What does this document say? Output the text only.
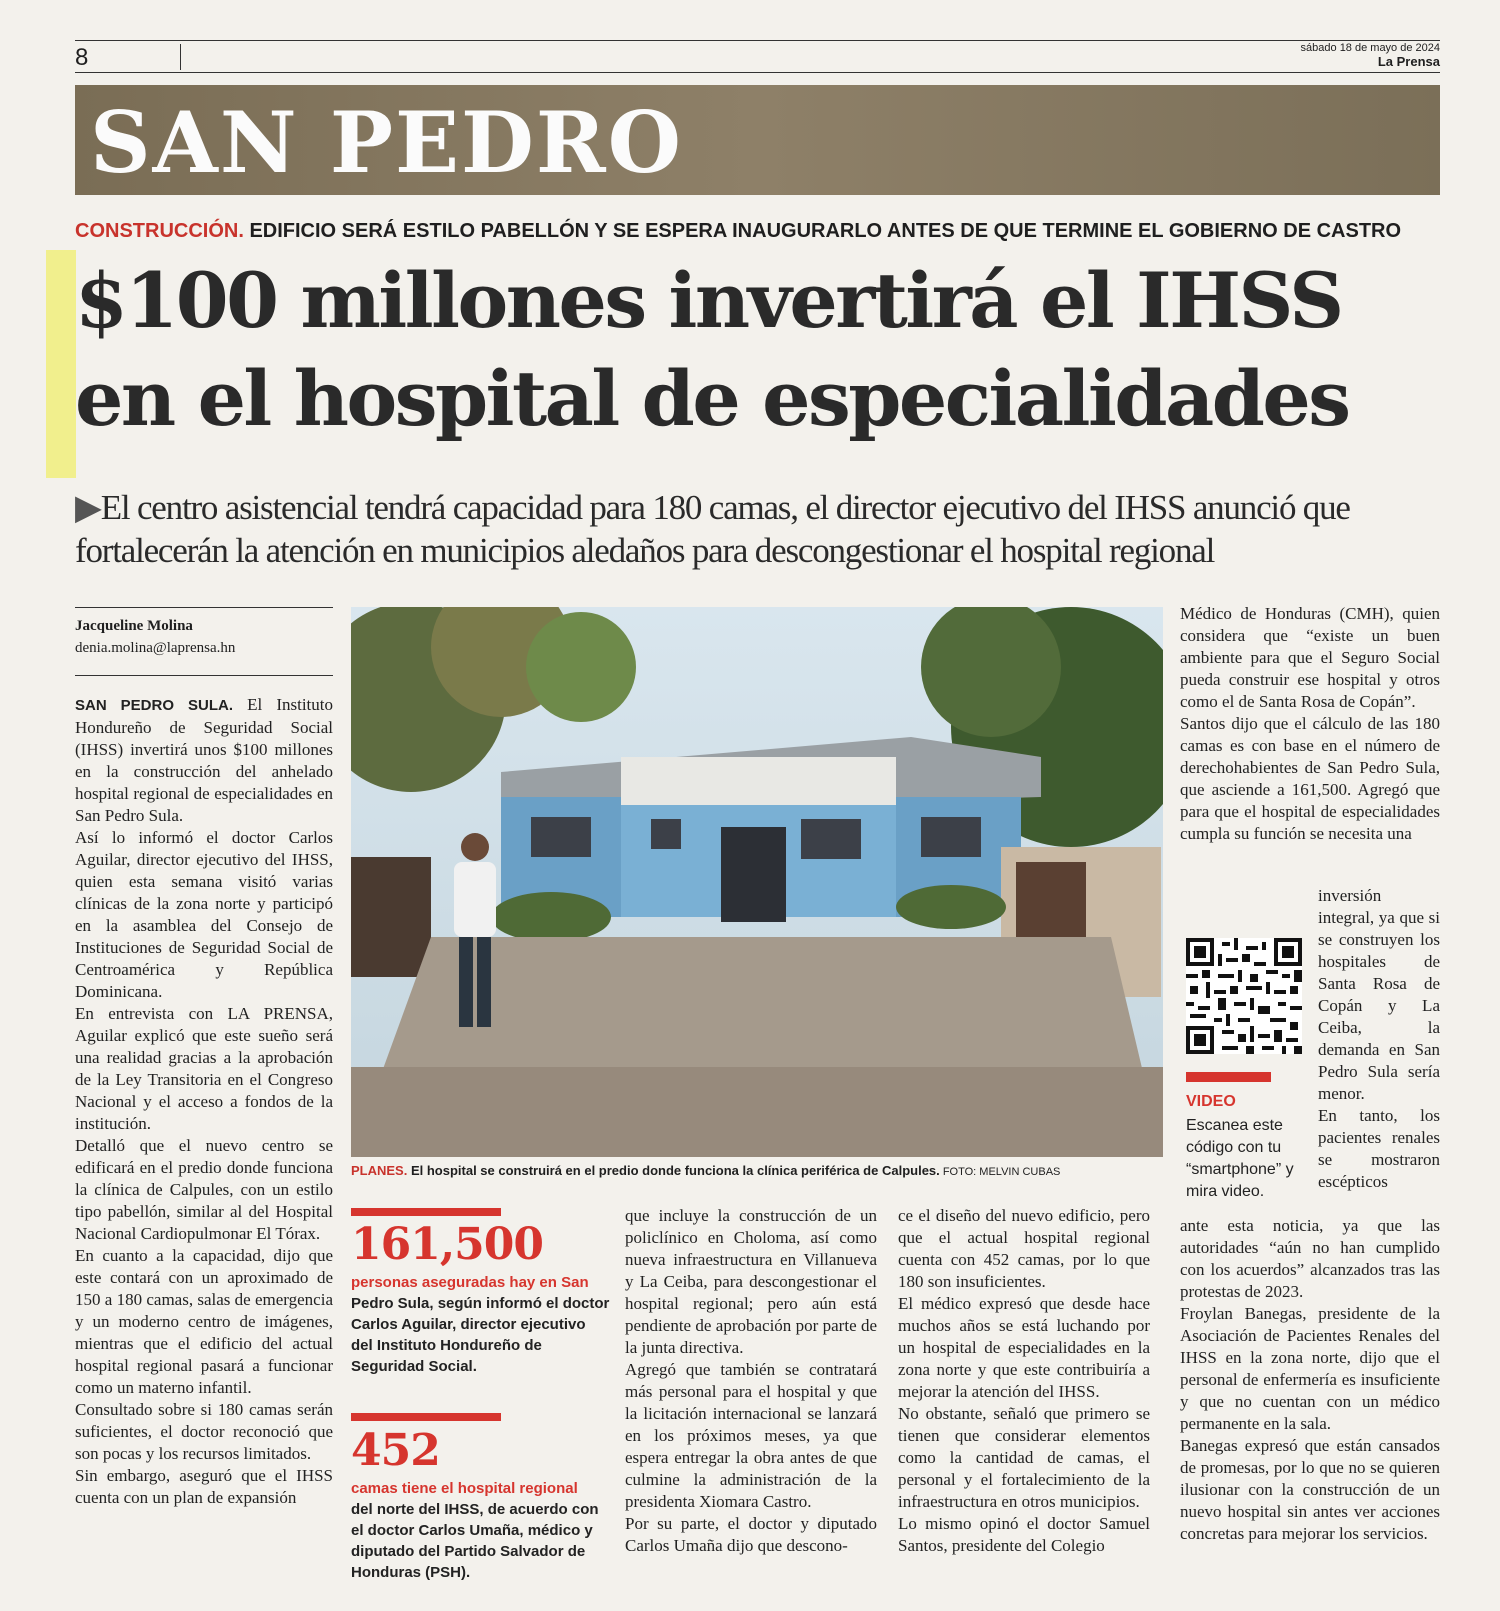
8	sábado 18 de mayo de 2024
La Prensa
SAN PEDRO
CONSTRUCCIÓN. EDIFICIO SERÁ ESTILO PABELLÓN Y SE ESPERA INAUGURARLO ANTES DE QUE TERMINE EL GOBIERNO DE CASTRO
$100 millones invertirá el IHSS
en el hospital de especialidades
▶El centro asistencial tendrá capacidad para 180 camas, el director ejecutivo del IHSS anunció que fortalecerán la atención en municipios aledaños para descongestionar el hospital regional
Jacqueline Molina
denia.molina@laprensa.hn

SAN PEDRO SULA. El Instituto Hondureño de Seguridad Social (IHSS) invertirá unos $100 millones en la construcción del anhelado hospital regional de especialidades en San Pedro Sula.

Así lo informó el doctor Carlos Aguilar, director ejecutivo del IHSS, quien esta semana visitó varias clínicas de la zona norte y participó en la asamblea del Consejo de Instituciones de Seguridad Social de Centroamérica y República Dominicana.

En entrevista con LA PRENSA, Aguilar explicó que este sueño será una realidad gracias a la aprobación de la Ley Transitoria en el Congreso Nacional y el acceso a fondos de la institución.

Detalló que el nuevo centro se edificará en el predio donde funciona la clínica de Calpules, con un estilo tipo pabellón, similar al del Hospital Nacional Cardiopulmonar El Tórax.

En cuanto a la capacidad, dijo que este contará con un aproximado de 150 a 180 camas, salas de emergencia y un moderno centro de imágenes, mientras que el edificio del actual hospital regional pasará a funcionar como un materno infantil.

Consultado sobre si 180 camas serán suficientes, el doctor reconoció que son pocas y los recursos limitados.

Sin embargo, aseguró que el IHSS cuenta con un plan de expansión

PLANES. El hospital se construirá en el predio donde funciona la clínica periférica de Calpules. FOTO: MELVIN CUBAS
161,500
personas aseguradas hay en San
Pedro Sula, según informó el doctor Carlos Aguilar, director ejecutivo del Instituto Hondureño de Seguridad Social.
452
camas tiene el hospital regional
del norte del IHSS, de acuerdo con el doctor Carlos Umaña, médico y diputado del Partido Salvador de Honduras (PSH).

que incluye la construcción de un policlínico en Choloma, así como nueva infraestructura en Villanueva y La Ceiba, para descongestionar el hospital regional; pero aún está pendiente de aprobación por parte de la junta directiva.

Agregó que también se contratará más personal para el hospital y que la licitación internacional se lanzará en los próximos meses, ya que espera entregar la obra antes de que culmine la administración de la presidenta Xiomara Castro.

Por su parte, el doctor y diputado Carlos Umaña dijo que descono-

ce el diseño del nuevo edificio, pero que el actual hospital regional cuenta con 452 camas, por lo que 180 son insuficientes.

El médico expresó que desde hace muchos años se está luchando por un hospital de especialidades en la zona norte y que este contribuiría a mejorar la atención del IHSS.

No obstante, señaló que primero se tienen que considerar elementos como la cantidad de camas, el personal y el fortalecimiento de la infraestructura en otros municipios.

Lo mismo opinó el doctor Samuel Santos, presidente del Colegio

Médico de Honduras (CMH), quien considera que “existe un buen ambiente para que el Seguro Social pueda construir ese hospital y otros como el de Santa Rosa de Copán”.

Santos dijo que el cálculo de las 180 camas es con base en el número de derechohabientes de San Pedro Sula, que asciende a 161,500. Agregó que para que el hospital de especialidades cumpla su función se necesita una

inversión integral, ya que si se construyen los hospitales de Santa Rosa de Copán y La Ceiba, la demanda en San Pedro Sula sería menor.

En tanto, los pacientes renales se mostraron escépticos

ante esta noticia, ya que las autoridades “aún no han cumplido con los acuerdos” alcanzados tras las protestas de 2023.

Froylan Banegas, presidente de la Asociación de Pacientes Renales del IHSS en la zona norte, dijo que el personal de enfermería es insuficiente y que no cuentan con un médico permanente en la sala.

Banegas expresó que están cansados de promesas, por lo que no se quieren ilusionar con la construcción de un nuevo hospital sin antes ver acciones concretas para mejorar los servicios.

VIDEO
Escanea este código con tu “smartphone” y mira video.
